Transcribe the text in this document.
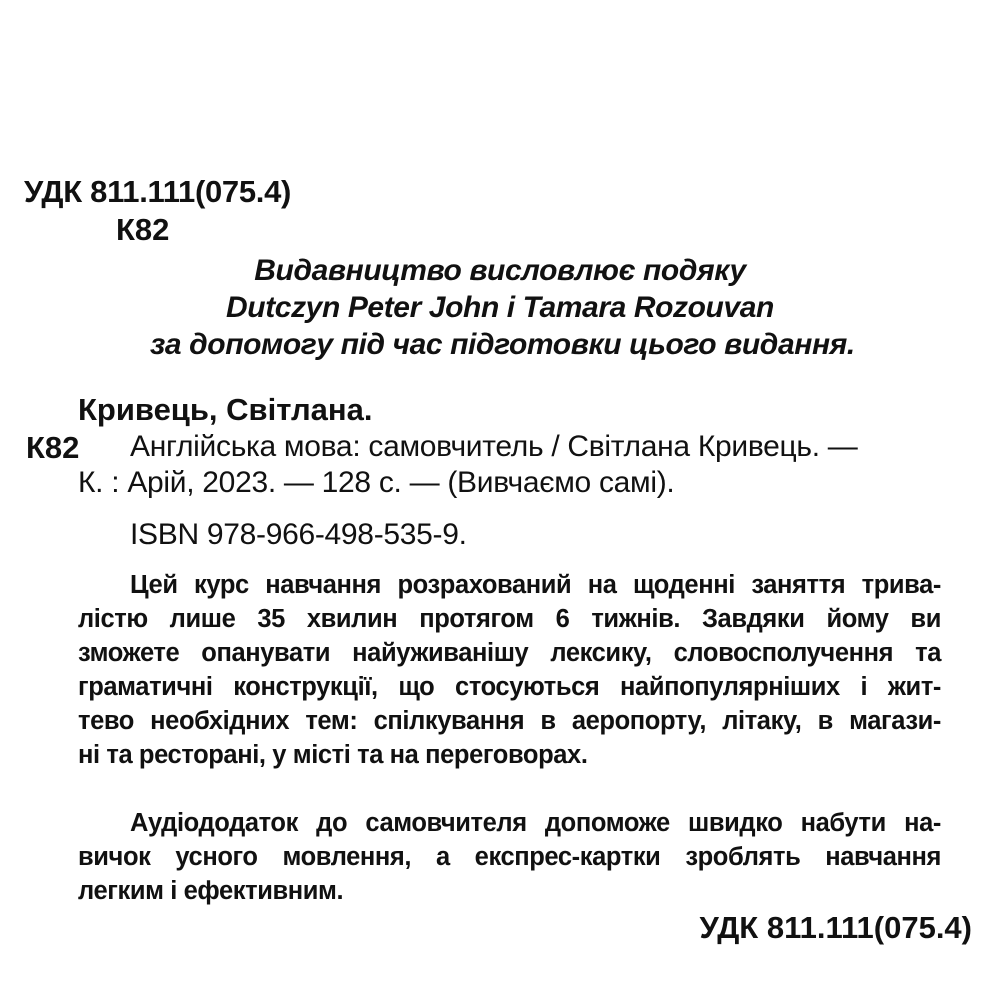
УДК 811.111(075.4)
К82
Видавництво висловлює подяку
Dutczyn Peter John i Tamara Rozouvan
за допомогу під час підготовки цього видання.
Кривець, Світлана.
К82 Англійська мова: самовчитель / Світлана Кривець. —
К. : Арій, 2023. — 128 с. — (Вивчаємо самі).
ISBN 978-966-498-535-9.
Цей курс навчання розрахований на щоденні заняття трива-
лістю лише 35 хвилин протягом 6 тижнів. Завдяки йому ви
зможете опанувати найуживанішу лексику, словосполучення та
граматичні конструкції, що стосуються найпопулярніших і жит-
тево необхідних тем: спілкування в аеропорту, літаку, в магази-
ні та ресторані, у місті та на переговорах.
Аудіододаток до самовчителя допоможе швидко набути на-
вичок усного мовлення, а експрес-картки зроблять навчання
легким і ефективним.
УДК 811.111(075.4)
